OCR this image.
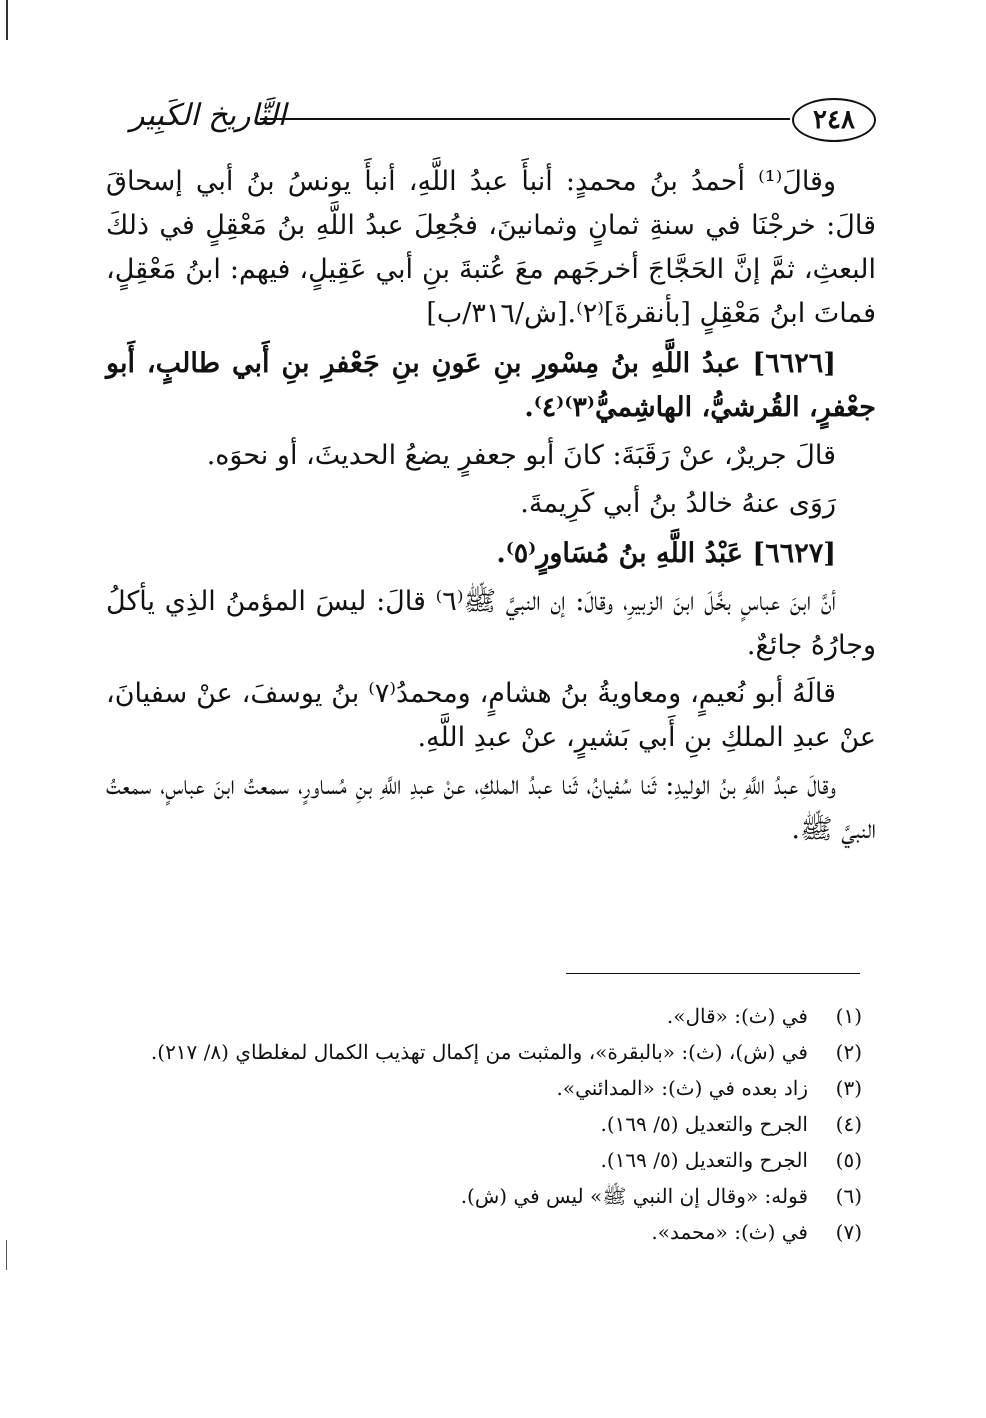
٢٤٨
التَّاريخ الكَبِير

وقالَ⁽¹⁾ أحمدُ بنُ محمدٍ: أنبأَ عبدُ اللَّهِ، أنبأَ يونسُ بنُ أبي إسحاقَ قالَ: خرجْنَا في سنةِ ثمانٍ وثمانينَ، فجُعِلَ عبدُ اللَّهِ بنُ مَعْقِلٍ في ذلكَ البعثِ، ثمَّ إنَّ الحَجَّاجَ أخرجَهم معَ عُتبةَ بنِ أبي عَقِيلٍ، فيهم: ابنُ مَعْقِلٍ، فماتَ ابنُ مَعْقِلٍ [بأنقرةَ]⁽٢⁾.[ش/٣١٦/ب]

[٦٦٢٦] عبدُ اللَّهِ بنُ مِسْورِ بنِ عَونِ بنِ جَعْفرِ بنِ أَبي طالبٍ، أَبو جعْفرٍ، القُرشيُّ، الهاشِميُّ⁽٣⁾⁽٤⁾.

قالَ جريرٌ، عنْ رَقَبَةَ: كانَ أبو جعفرٍ يضعُ الحديثَ، أو نحوَه.

رَوَى عنهُ خالدُ بنُ أبي كَرِيمةَ.

[٦٦٢٧] عَبْدُ اللَّهِ بنُ مُسَاورٍ⁽٥⁾.

أنَّ ابنَ عباسٍ بخَّلَ ابنَ الزبيرِ، وقالَ: إن النبيَّ ﷺ⁽٦⁾ قالَ: ليسَ المؤمنُ الذِي يأكلُ وجارُهُ جائعٌ.

قالَهُ أبو نُعيمٍ، ومعاويةُ بنُ هشامٍ، ومحمدُ⁽٧⁾ بنُ يوسفَ، عنْ سفيانَ، عنْ عبدِ الملكِ بنِ أَبي بَشيرٍ، عنْ عبدِ اللَّهِ.

وقالَ عبدُ اللَّهِ بنُ الوليدِ: ثَنا سُفيانُ، ثَنا عبدُ الملكِ، عنْ عبدِ اللَّهِ بنِ مُساورٍ، سمعتُ ابنَ عباسٍ، سمعتُ النبيَّ ﷺ.

(١)
في (ث): «قال».
(٢)
في (ش)، (ث): «بالبقرة»، والمثبت من إكمال تهذيب الكمال لمغلطاي (٨/ ٢١٧).
(٣)
زاد بعده في (ث): «المدائني».
(٤)
الجرح والتعديل (٥/ ١٦٩).
(٥)
الجرح والتعديل (٥/ ١٦٩).
(٦)
قوله: «وقال إن النبي ﷺ» ليس في (ش).
(٧)
في (ث): «محمد».
